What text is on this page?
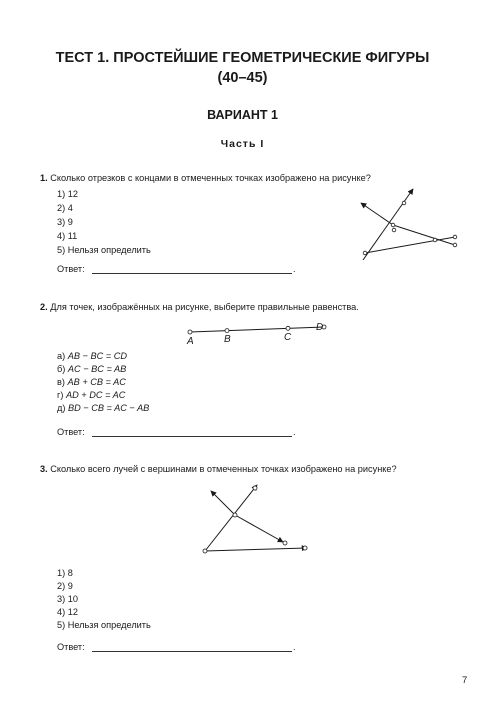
ТЕСТ 1. ПРОСТЕЙШИЕ ГЕОМЕТРИЧЕСКИЕ ФИГУРЫ
(40–45)
ВАРИАНТ 1
Часть I
1. Сколько отрезков с концами в отмеченных точках изображено на рисунке?
1) 12
2) 4
3) 9
4) 11
5) Нельзя определить
Ответ:	.
2. Для точек, изображённых на рисунке, выберите правильные равенства.
A	B	C
D
а) AB − BC = CD
б) AC − BC = AB
в) AB + CB = AC
г) AD + DC = AC
д) BD − CB = AC − AB
Ответ:	.
3. Сколько всего лучей с вершинами в отмеченных точках изображено на рисунке?
1) 8
2) 9
3) 10
4) 12
5) Нельзя определить
Ответ:	.
7
